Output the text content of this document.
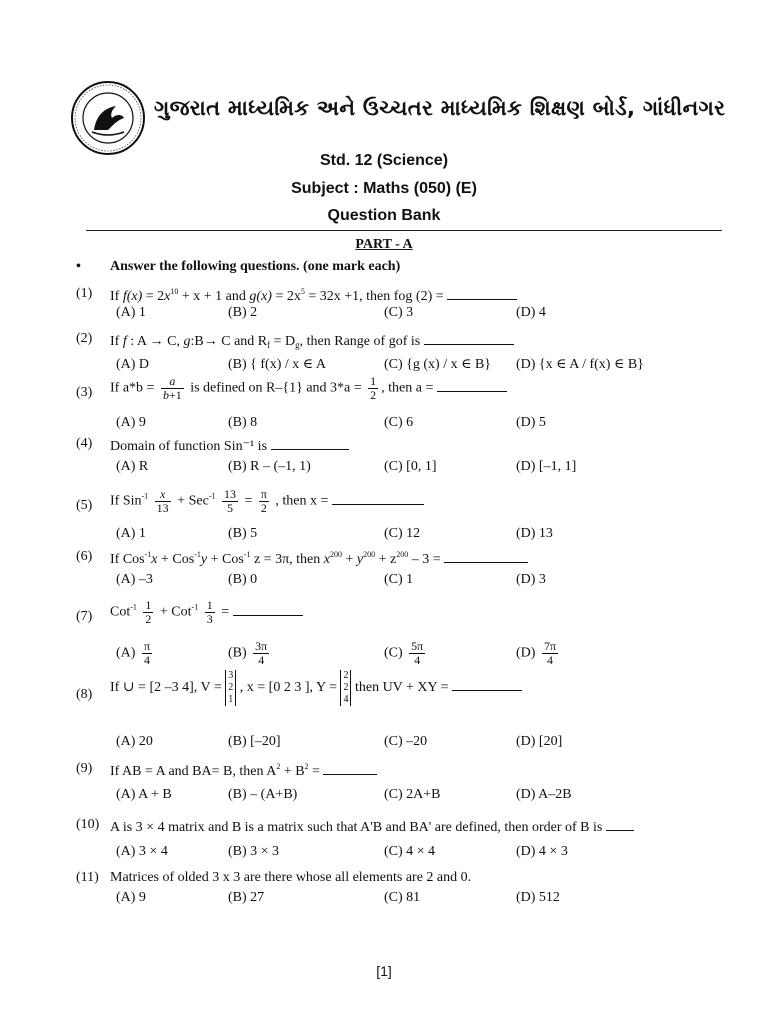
ગુજરાત માધ્યમિક અને ઉચ્ચતર માધ્યમિક શિક્ષણ બોર્ડ, ગાંધીનગર
Std. 12 (Science)
Subject : Maths (050) (E)
Question Bank
PART - A
• Answer the following questions. (one mark each)
(1) If $f(x) = 2x^{10} + x + 1$ and $g(x) = 2x^5 = 32x +1$, then fog (2) =
(A) 1	(B) 2	(C) 3	(D) 4
(2) If f : A → C, g:B→ C and $R_f = D_g$, then Range of gof is
(A) D	(B) { f(x) / x ∈ A	(C) {g (x) / x ∈ B} (D) {x ∈ A / f(x) ∈ B}
(3) If $a*b = \frac{a}{b+1}$ is defined on R–{1} and $3*a = \frac{1}{2}$ , then a =
(A) 9	(B) 8	(C) 6	(D) 5
(4) Domain of function Sin⁻¹ is
(A) R	(B) R – (–1, 1)	(C) [0, 1]	(D) [–1, 1]
(5) If $Sin^{-1} \frac{x}{13} + Sec^{-1} \frac{13}{5} = \frac{\pi}{2}$ , then x =
(A) 1	(B) 5	(C) 12	(D) 13
(6) If Cos$^{-1}$x + Cos$^{-1}$y + Cos$^{-1}$ z = 3π, then $x^{200} + y^{200} + z^{200} - 3$ =
(A) –3	(B) 0	(C) 1	(D) 3
(7) $Cot^{-1} \frac{1}{2} + Cot^{-1} \frac{1}{3}$ =
$(A) \frac{\pi}{4}$	$(B) \frac{3\pi}{4}$	$(C) \frac{5\pi}{4}$	$(D) \frac{7\pi}{4}$
(8) If ∪ = [2 –3 4], V =
3
2
1
, x = [0 2 3 ], Y =
2
2
4
then UV + XY =
(A) 20	(B) [–20]	(C) –20	(D) [20]
(9) If AB = A and BA= B, then $A^2 + B^2$ =
(A) A + B	(B) – (A+B)	(C) 2A+B	(D) A–2B
(10) A is 3 × 4 matrix and B is a matrix such that A'B and BA' are defined, then order of B is
(A) 3 × 4	(B) 3 × 3	(C) 4 × 4	(D) 4 × 3
(11) Matrices of olded 3 x 3 are there whose all elements are 2 and 0.
(A) 9	(B) 27	(C) 81	(D) 512
[1]
